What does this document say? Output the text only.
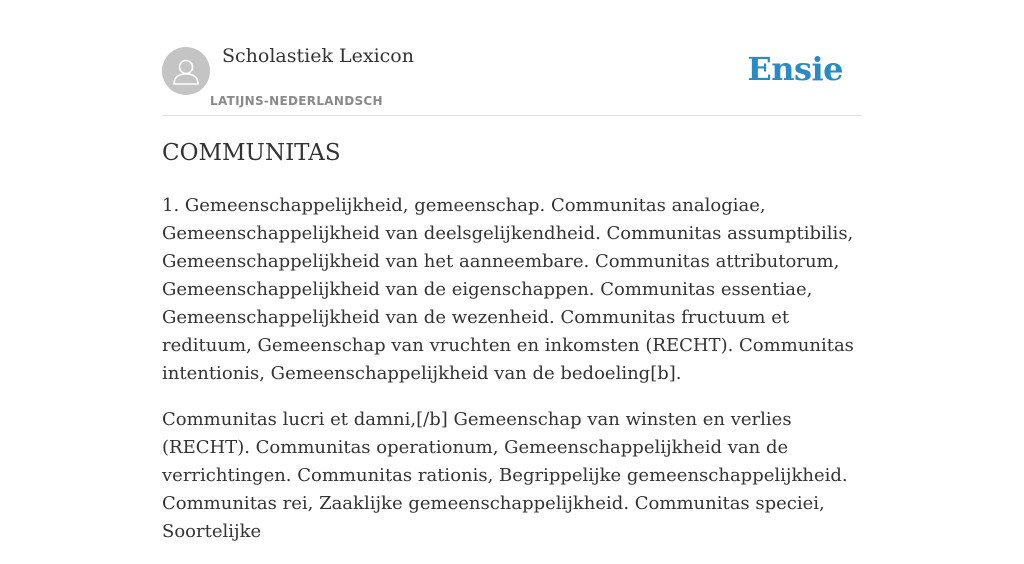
Scholastiek Lexicon
LATIJNS-NEDERLANDSCH
Ensie
COMMUNITAS

1. Gemeenschappelijkheid, gemeenschap. Communitas analogiae, Gemeenschappelijkheid van deelsgelijkendheid. Communitas assumptibilis, Gemeenschappelijkheid van het aanneembare. Communitas attributorum, Gemeenschappelijkheid van de eigenschappen. Communitas essentiae, Gemeenschappelijkheid van de wezenheid. Communitas fructuum et redituum, Gemeenschap van vruchten en inkomsten (RECHT). Communitas intentionis, Gemeenschappelijkheid van de bedoeling[b].

Communitas lucri et damni,[/b] Gemeenschap van winsten en verlies (RECHT). Communitas operationum, Gemeenschappelijkheid van de verrichtingen. Communitas rationis, Begrippelijke gemeenschappelijkheid. Communitas rei, Zaaklijke gemeenschappelijkheid. Communitas speciei, Soortelijke
